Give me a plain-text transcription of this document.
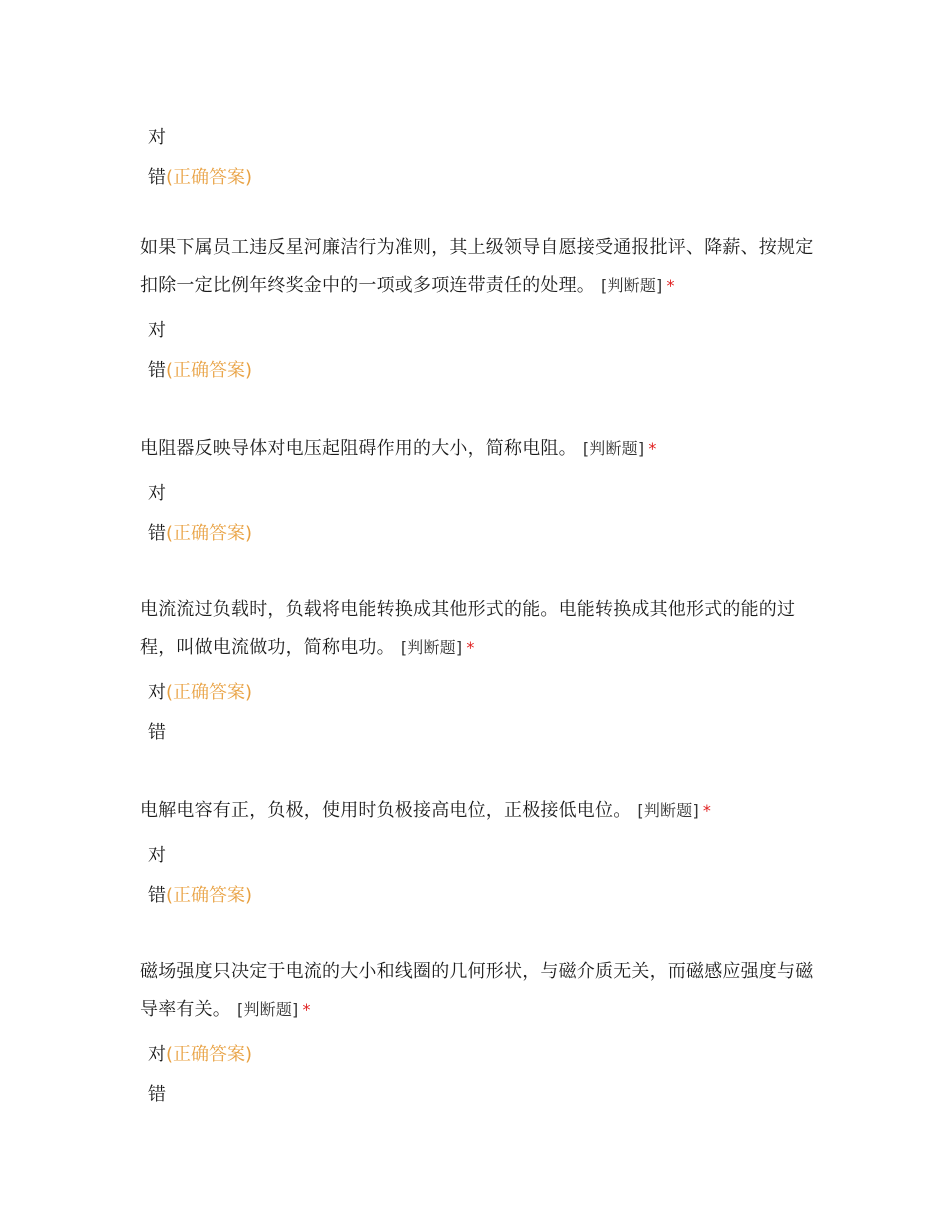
对
错(正确答案)

如果下属员工违反星河廉洁行为准则，其上级领导自愿接受通报批评、降薪、按规定扣除一定比例年终奖金中的一项或多项连带责任的处理。 [判断题] *

对
错(正确答案)

电阻器反映导体对电压起阻碍作用的大小，简称电阻。 [判断题] *

对
错(正确答案)

电流流过负载时，负载将电能转换成其他形式的能。电能转换成其他形式的能的过程，叫做电流做功，简称电功。 [判断题] *

对(正确答案)
错

电解电容有正，负极，使用时负极接高电位，正极接低电位。 [判断题] *

对
错(正确答案)

磁场强度只决定于电流的大小和线圈的几何形状，与磁介质无关，而磁感应强度与磁导率有关。 [判断题] *

对(正确答案)
错
